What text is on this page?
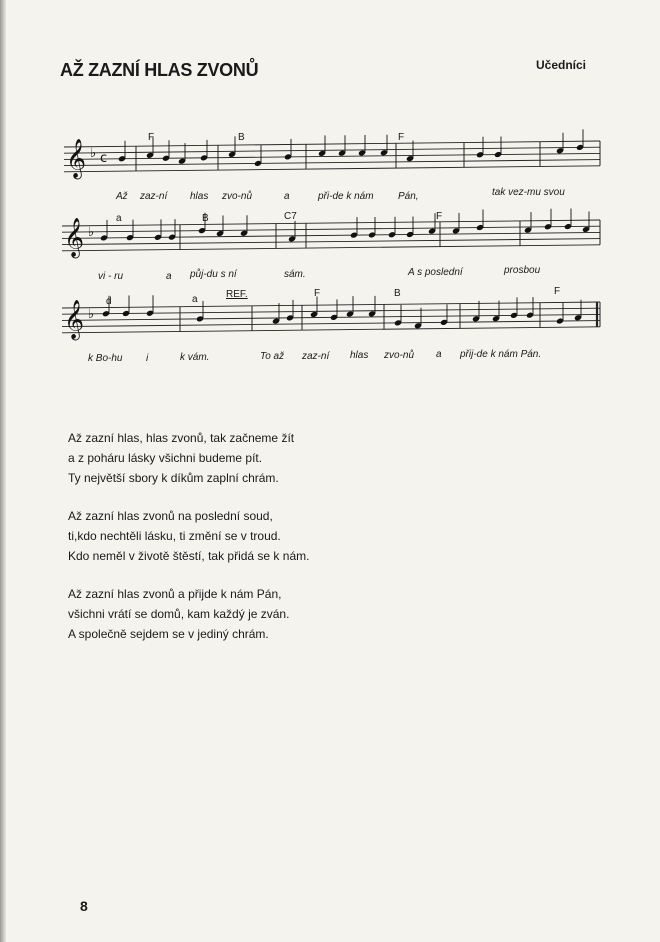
AŽ ZAZNÍ HLAS ZVONŮ	Učedníci
𝄞 ♭ c
𝄞 ♭
𝄞 ♭
F	B	F
Až zaz-ní hlas zvo-nů	a	při-de k nám Pán,	tak vez-mu svou
a	B	C7	F
vi - ru	a půj-du s ní	sám.	A s poslední	prosbou
d	a	REF.	F	B	F
k Bo-hu i	k vám.	To až zaz-ní hlas zvo-nů a přij-de k nám Pán.
Až zazní hlas, hlas zvonů, tak začneme žít
a z poháru lásky všichni budeme pít.
Ty největší sbory k díkům zaplní chrám.
Až zazní hlas zvonů na poslední soud,
ti,kdo nechtěli lásku, ti změní se v troud.
Kdo neměl v životě štěstí, tak přidá se k nám.
Až zazní hlas zvonů a přijde k nám Pán,
všichni vrátí se domů, kam každý je zván.
A společně sejdem se v jediný chrám.
8
